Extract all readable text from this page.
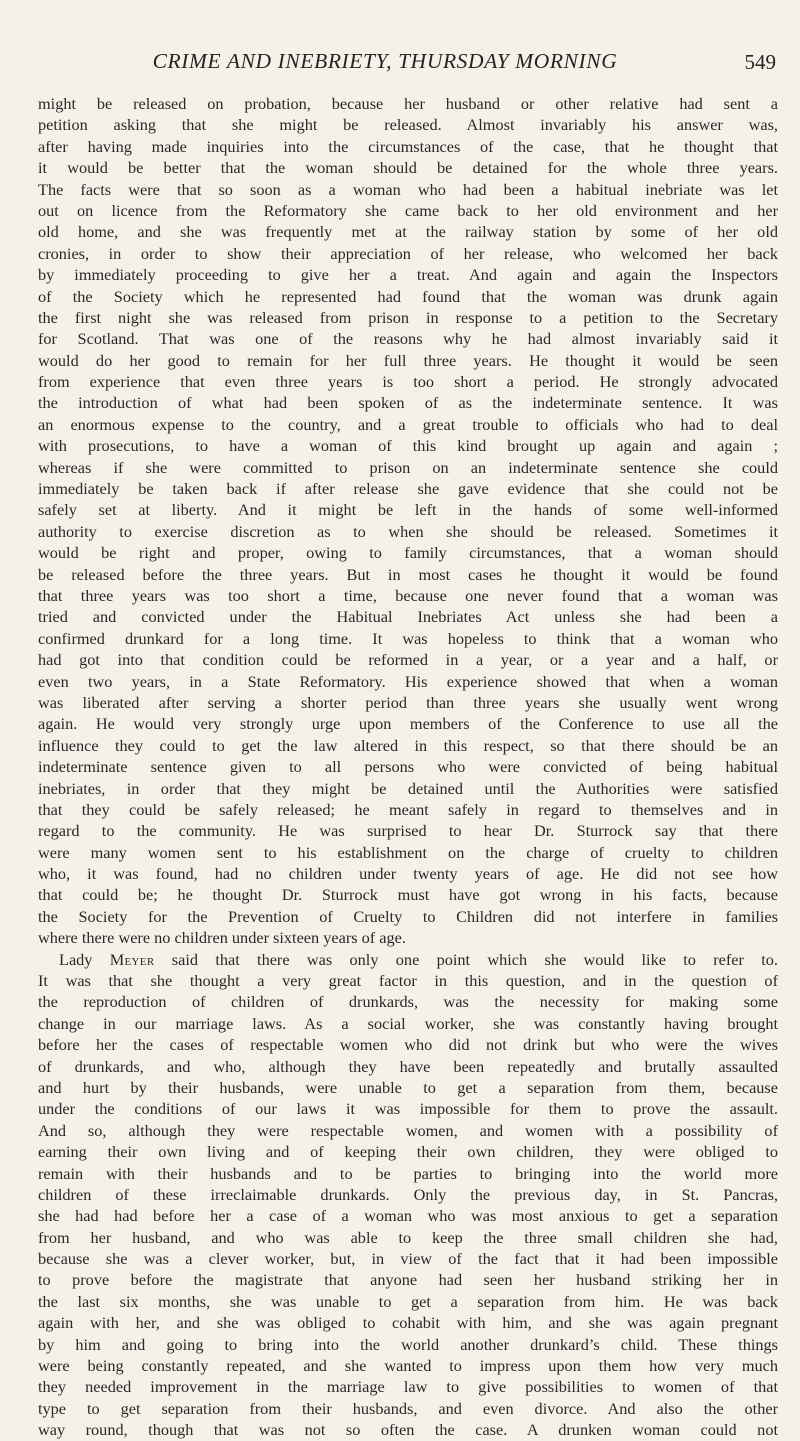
CRIME AND INEBRIETY, THURSDAY MORNING	549
might be released on probation, because her husband or other relative had sent a
petition asking that she might be released. Almost invariably his answer was,
after having made inquiries into the circumstances of the case, that he thought that
it would be better that the woman should be detained for the whole three years.
The facts were that so soon as a woman who had been a habitual inebriate was let
out on licence from the Reformatory she came back to her old environment and her
old home, and she was frequently met at the railway station by some of her old
cronies, in order to show their appreciation of her release, who welcomed her back
by immediately proceeding to give her a treat. And again and again the Inspectors
of the Society which he represented had found that the woman was drunk again
the first night she was released from prison in response to a petition to the Secretary
for Scotland. That was one of the reasons why he had almost invariably said it
would do her good to remain for her full three years. He thought it would be seen
from experience that even three years is too short a period. He strongly advocated
the introduction of what had been spoken of as the indeterminate sentence. It was
an enormous expense to the country, and a great trouble to officials who had to deal
with prosecutions, to have a woman of this kind brought up again and again ;
whereas if she were committed to prison on an indeterminate sentence she could
immediately be taken back if after release she gave evidence that she could not be
safely set at liberty. And it might be left in the hands of some well-informed
authority to exercise discretion as to when she should be released. Sometimes it
would be right and proper, owing to family circumstances, that a woman should
be released before the three years. But in most cases he thought it would be found
that three years was too short a time, because one never found that a woman was
tried and convicted under the Habitual Inebriates Act unless she had been a
confirmed drunkard for a long time. It was hopeless to think that a woman who
had got into that condition could be reformed in a year, or a year and a half, or
even two years, in a State Reformatory. His experience showed that when a woman
was liberated after serving a shorter period than three years she usually went wrong
again. He would very strongly urge upon members of the Conference to use all the
influence they could to get the law altered in this respect, so that there should be an
indeterminate sentence given to all persons who were convicted of being habitual
inebriates, in order that they might be detained until the Authorities were satisfied
that they could be safely released; he meant safely in regard to themselves and in
regard to the community. He was surprised to hear Dr. Sturrock say that there
were many women sent to his establishment on the charge of cruelty to children
who, it was found, had no children under twenty years of age. He did not see how
that could be; he thought Dr. Sturrock must have got wrong in his facts, because
the Society for the Prevention of Cruelty to Children did not interfere in families
where there were no children under sixteen years of age.
Lady Meyer said that there was only one point which she would like to refer to.
It was that she thought a very great factor in this question, and in the question of
the reproduction of children of drunkards, was the necessity for making some
change in our marriage laws. As a social worker, she was constantly having brought
before her the cases of respectable women who did not drink but who were the wives
of drunkards, and who, although they have been repeatedly and brutally assaulted
and hurt by their husbands, were unable to get a separation from them, because
under the conditions of our laws it was impossible for them to prove the assault.
And so, although they were respectable women, and women with a possibility of
earning their own living and of keeping their own children, they were obliged to
remain with their husbands and to be parties to bringing into the world more
children of these irreclaimable drunkards. Only the previous day, in St. Pancras,
she had had before her a case of a woman who was most anxious to get a separation
from her husband, and who was able to keep the three small children she had,
because she was a clever worker, but, in view of the fact that it had been impossible
to prove before the magistrate that anyone had seen her husband striking her in
the last six months, she was unable to get a separation from him. He was back
again with her, and she was obliged to cohabit with him, and she was again pregnant
by him and going to bring into the world another drunkard’s child. These things
were being constantly repeated, and she wanted to impress upon them how very much
they needed improvement in the marriage law to give possibilities to women of that
type to get separation from their husbands, and even divorce. And also the other
way round, though that was not so often the case. A drunken woman could not
